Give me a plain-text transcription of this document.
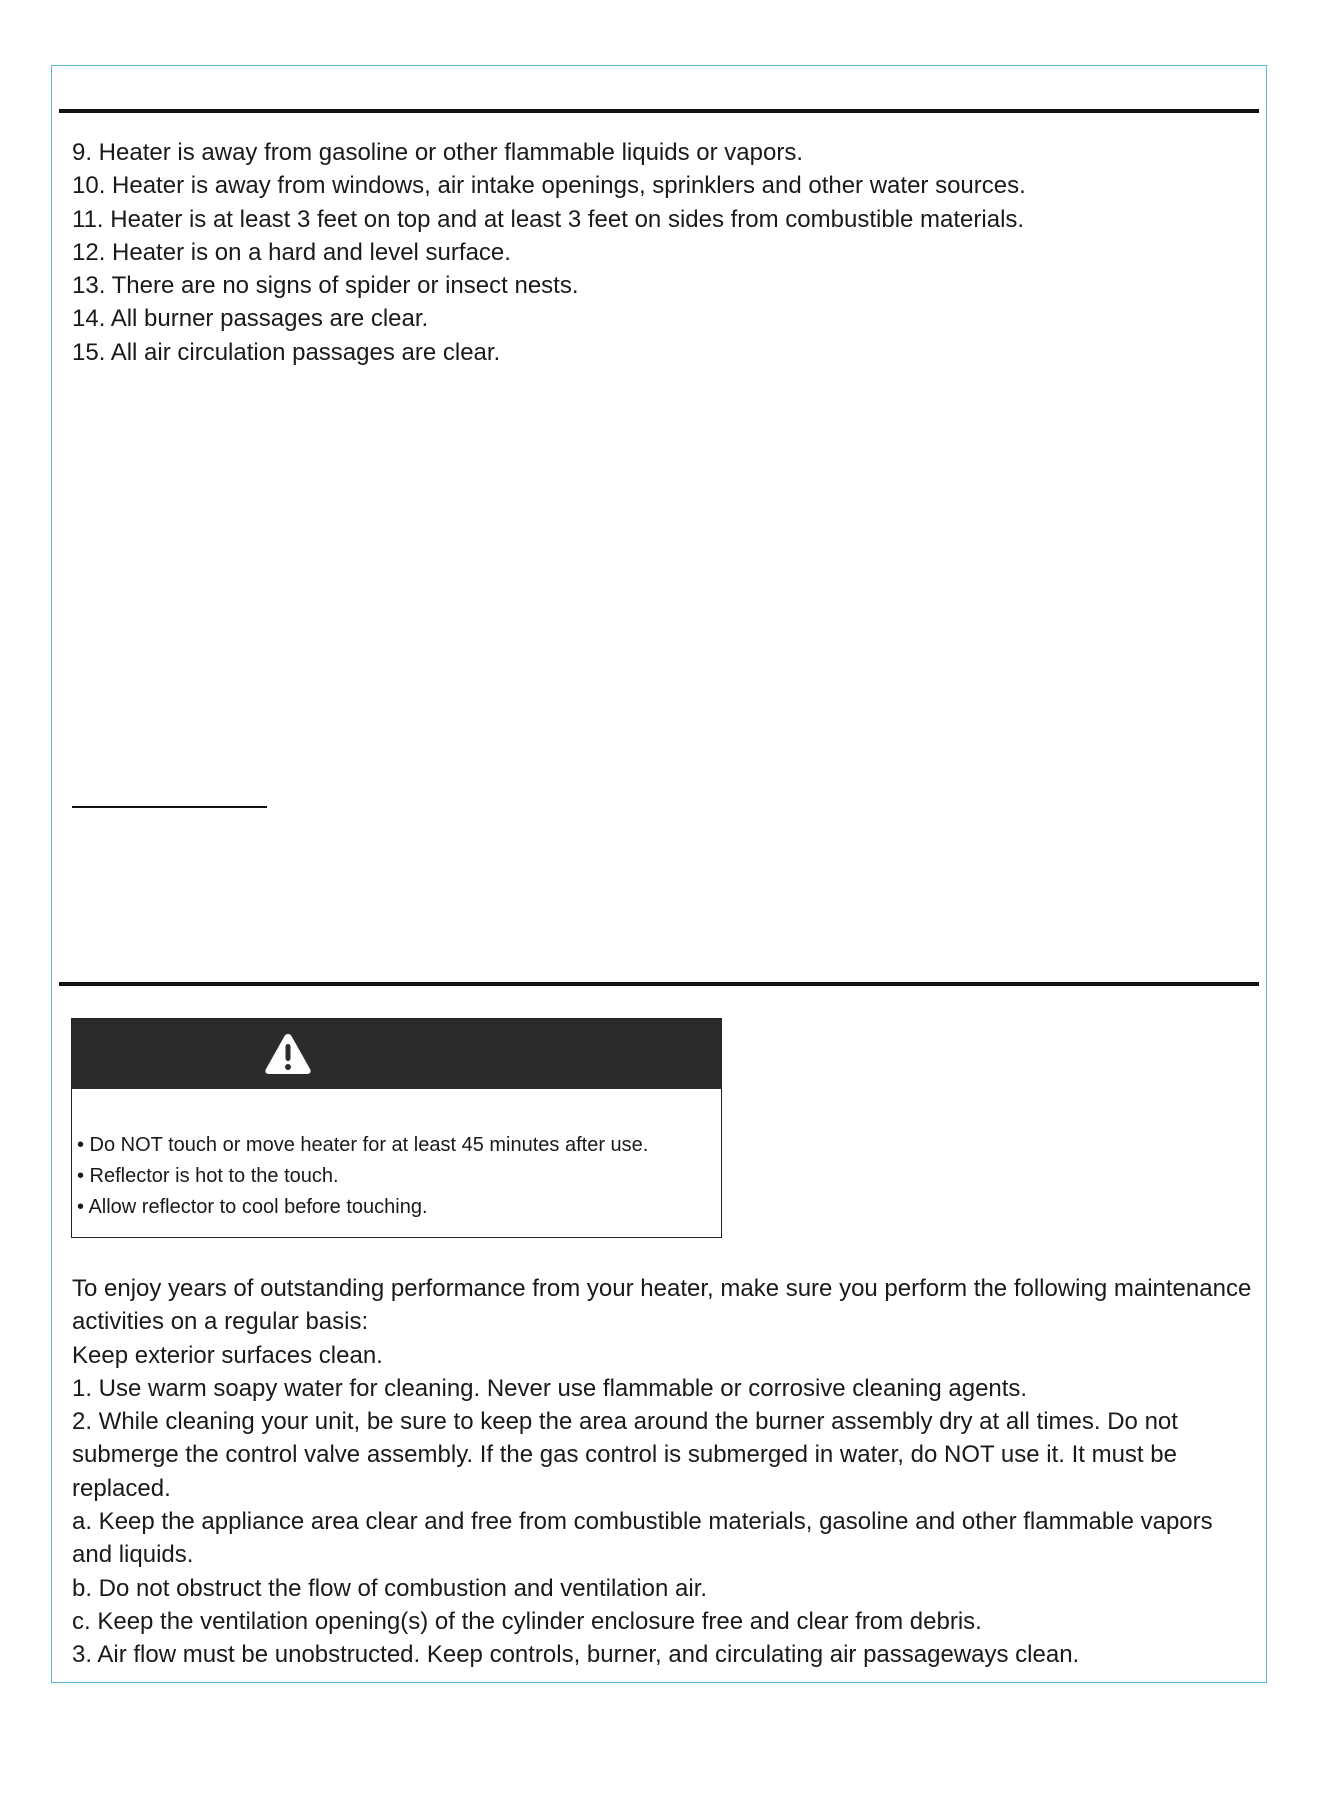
9. Heater is away from gasoline or other flammable liquids or vapors.
10. Heater is away from windows, air intake openings, sprinklers and other water sources.
11. Heater is at least 3 feet on top and at least 3 feet on sides from combustible materials.
12. Heater is on a hard and level surface.
13. There are no signs of spider or insect nests.
14. All burner passages are clear.
15. All air circulation passages are clear.
• Do NOT touch or move heater for at least 45 minutes after use.
• Reflector is hot to the touch.
• Allow reflector to cool before touching.

To enjoy years of outstanding performance from your heater, make sure you perform the following maintenance activities on a regular basis:

Keep exterior surfaces clean.

1. Use warm soapy water for cleaning. Never use flammable or corrosive cleaning agents.

2. While cleaning your unit, be sure to keep the area around the burner assembly dry at all times. Do not submerge the control valve assembly. If the gas control is submerged in water, do NOT use it. It must be replaced.

a. Keep the appliance area clear and free from combustible materials, gasoline and other flammable vapors and liquids.

b. Do not obstruct the flow of combustion and ventilation air.

c. Keep the ventilation opening(s) of the cylinder enclosure free and clear from debris.

3. Air flow must be unobstructed. Keep controls, burner, and circulating air passageways clean.
